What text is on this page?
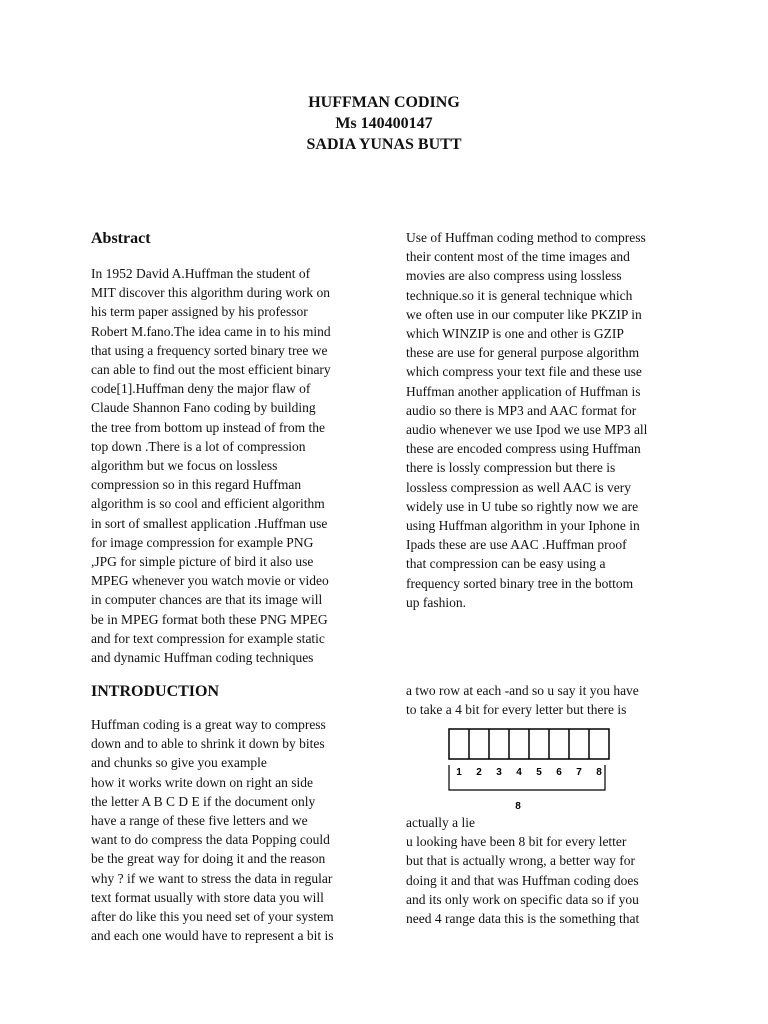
HUFFMAN CODING
Ms 140400147
SADIA YUNAS BUTT
Abstract
In 1952 David A.Huffman the student of
MIT discover this algorithm during work on
his term paper assigned by his professor
Robert M.fano.The idea came in to his mind
that using a frequency sorted binary tree we
can able to find out the most efficient binary
code[1].Huffman deny the major flaw of
Claude Shannon Fano coding by building
the tree from bottom up instead of from the
top down .There is a lot of compression
algorithm but we focus on lossless
compression so in this regard Huffman
algorithm is so cool and efficient algorithm
in sort of smallest application .Huffman use
for image compression for example PNG
,JPG for simple picture of bird it also use
MPEG whenever you watch movie or video
in computer chances are that its image will
be in MPEG format both these PNG MPEG
and for text compression for example static
and dynamic Huffman coding techniques
Use of Huffman coding method to compress
their content most of the time images and
movies are also compress using lossless
technique.so it is general technique which
we often use in our computer like PKZIP in
which WINZIP is one and other is GZIP
these are use for general purpose algorithm
which compress your text file and these use
Huffman another application of Huffman is
audio so there is MP3 and AAC format for
audio whenever we use Ipod we use MP3 all
these are encoded compress using Huffman
there is lossly compression but there is
lossless compression as well AAC is very
widely use in U tube so rightly now we are
using Huffman algorithm in your Iphone in
Ipads these are use AAC .Huffman proof
that compression can be easy using a
frequency sorted binary tree in the bottom
up fashion.
INTRODUCTION
Huffman coding is a great way to compress
down and to able to shrink it down by bites
and chunks so give you example
how it works write down on right an side
the letter A B C D E if the document only
have a range of these five letters and we
want to do compress the data Popping could
be the great way for doing it and the reason
why ? if we want to stress the data in regular
text format usually with store data you will
after do like this you need set of your system
and each one would have to represent a bit is
a two row at each -and so u say it you have
to take a 4 bit for every letter but there is
8
1 2 3 4 5 6 7 8
actually a lie
u looking have been 8 bit for every letter
but that is actually wrong, a better way for
doing it and that was Huffman coding does
and its only work on specific data so if you
need 4 range data this is the something that
